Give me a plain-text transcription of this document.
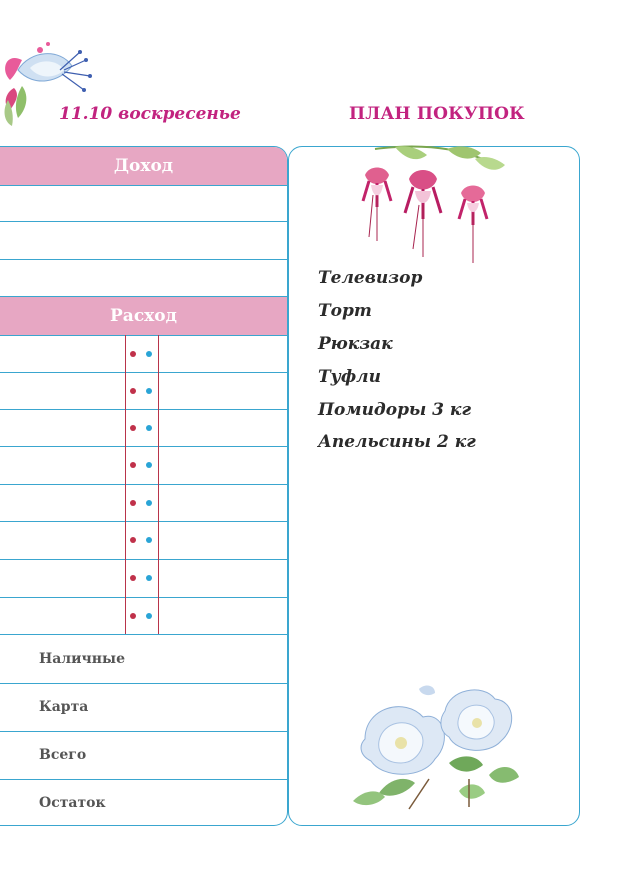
11.10 воскресенье	ПЛАН ПОКУПОК
Доход
Расход
Наличные
Карта
Всего
Остаток
Телевизор
Торт
Рюкзак
Туфли
Помидоры 3 кг
Апельсины 2 кг
